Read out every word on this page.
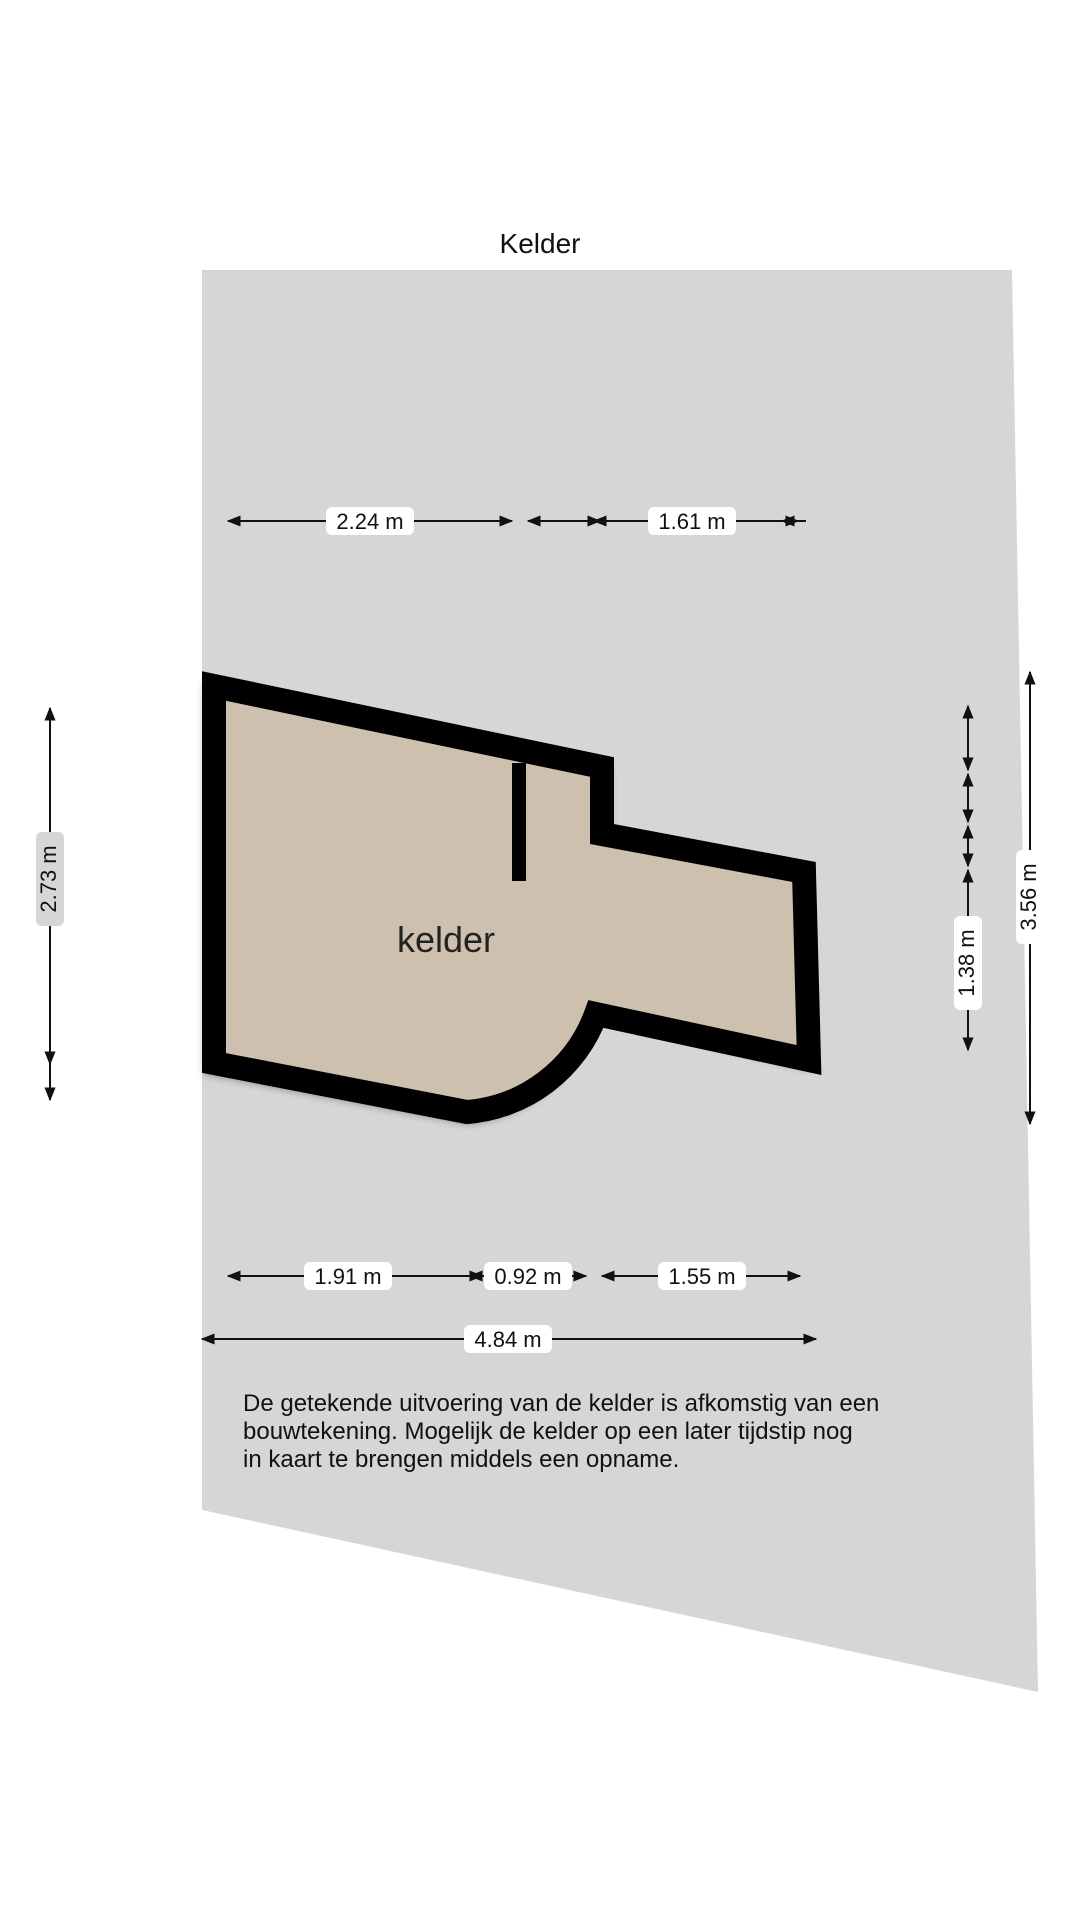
Kelder
kelder
2.24 m	1.61 m
2.73 m
1.38 m
3.56 m
1.91 m	0.92 m	1.55 m
4.84 m
De getekende uitvoering van de kelder is afkomstig van een
bouwtekening. Mogelijk de kelder op een later tijdstip nog
in kaart te brengen middels een opname.
